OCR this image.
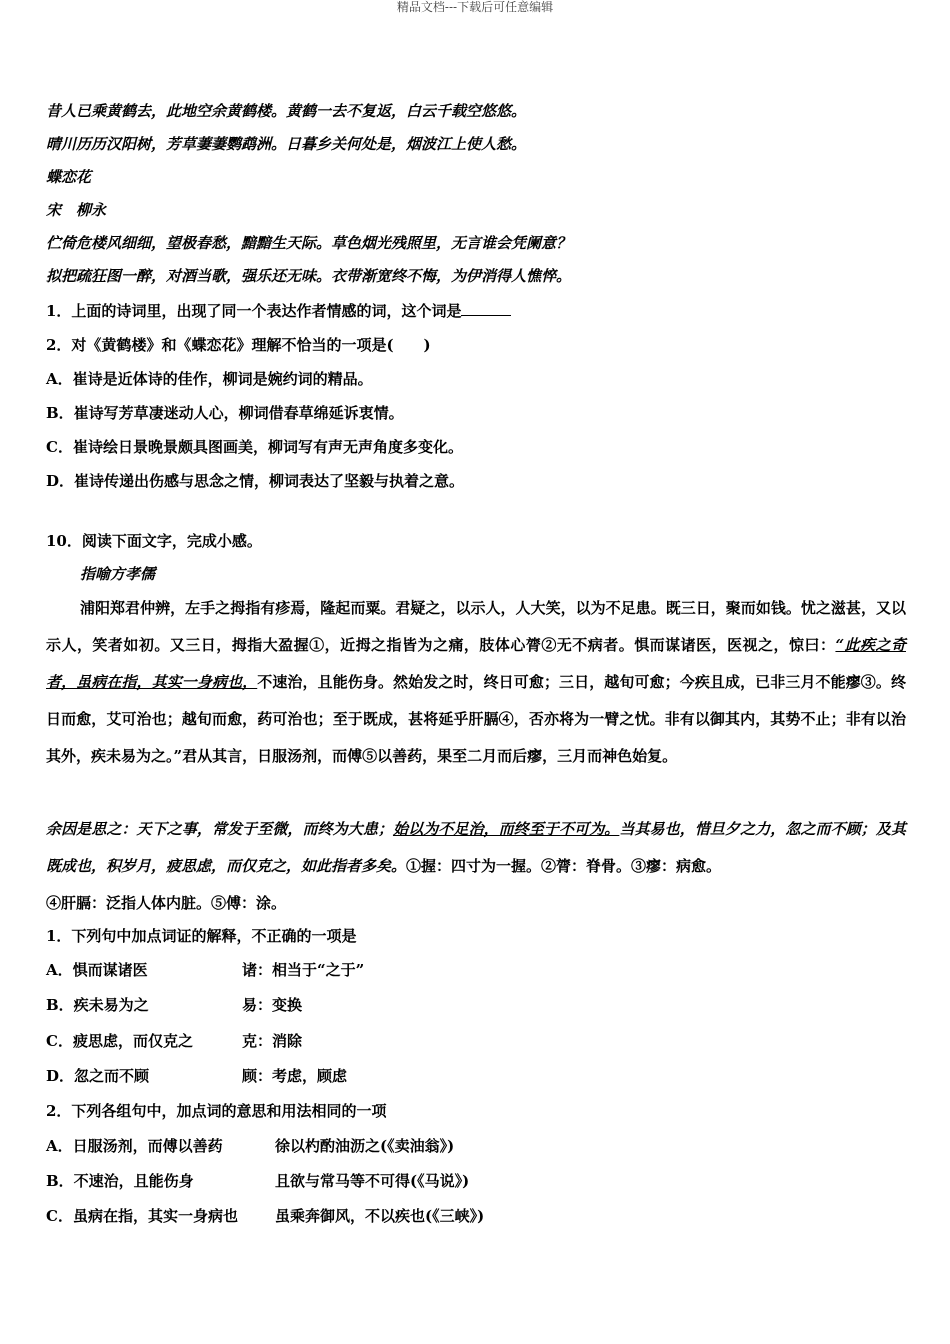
精品文档---下载后可任意编辑
昔人已乘黄鹤去，此地空余黄鹤楼。黄鹤一去不复返，白云千载空悠悠。
晴川历历汉阳树，芳草萋萋鹦鹉洲。日暮乡关何处是，烟波江上使人愁。
蝶恋花
宋　柳永
伫倚危楼风细细，望极春愁，黯黯生天际。草色烟光残照里，无言谁会凭阑意？
拟把疏狂图一醉，对酒当歌，强乐还无味。衣带渐宽终不悔，为伊消得人憔悴。
1．上面的诗词里，出现了同一个表达作者情感的词，这个词是
2．对《黄鹤楼》和《蝶恋花》理解不恰当的一项是(　　)
A．崔诗是近体诗的佳作，柳词是婉约词的精品。
B．崔诗写芳草凄迷动人心，柳词借春草绵延诉衷情。
C．崔诗绘日景晚景颇具图画美，柳词写有声无声角度多变化。
D．崔诗传递出伤感与思念之情，柳词表达了坚毅与执着之意。
10．阅读下面文字，完成小感。
指喻方孝儒
浦阳郑君仲辨，左手之拇指有疹焉，隆起而粟。君疑之，以示人，人大笑，以为不足患。既三日，聚而如钱。忧之滋甚，又以示人，笑者如初。又三日，拇指大盈握①，近拇之指皆为之痛，肢体心膂②无不病者。惧而谋诸医，医视之，惊曰：“此疾之奇者，虽病在指，其实一身病也，不速治，且能伤身。然始发之时，终日可愈；三日，越旬可愈；今疾且成，已非三月不能瘳③。终日而愈，艾可治也；越旬而愈，药可治也；至于既成，甚将延乎肝膈④，否亦将为一臂之忧。非有以御其内，其势不止；非有以治其外，疾未易为之。”君从其言，日服汤剂，而傅⑤以善药，果至二月而后瘳，三月而神色始复。
余因是思之：天下之事，常发于至微，而终为大患；始以为不足治，而终至于不可为。当其易也，惜旦夕之力，忽之而不顾；及其既成也，积岁月，疲思虑，而仅克之，如此指者多矣。①握：四寸为一握。②膂：脊骨。③瘳：病愈。
④肝膈：泛指人体内脏。⑤傅：涂。
1．下列句中加点词证的解释，不正确的一项是
A．惧而谋诸医	诸：相当于“之于”
B．疾未易为之	易：变换
C．疲思虑，而仅克之	克：消除
D．忽之而不顾	顾：考虑，顾虑
2．下列各组句中，加点词的意思和用法相同的一项
A．日服汤剂，而傅以善药	徐以杓酌油沥之(《卖油翁》)
B．不速治，且能伤身	且欲与常马等不可得(《马说》)
C．虽病在指，其实一身病也 虽乘奔御风，不以疾也(《三峡》)
